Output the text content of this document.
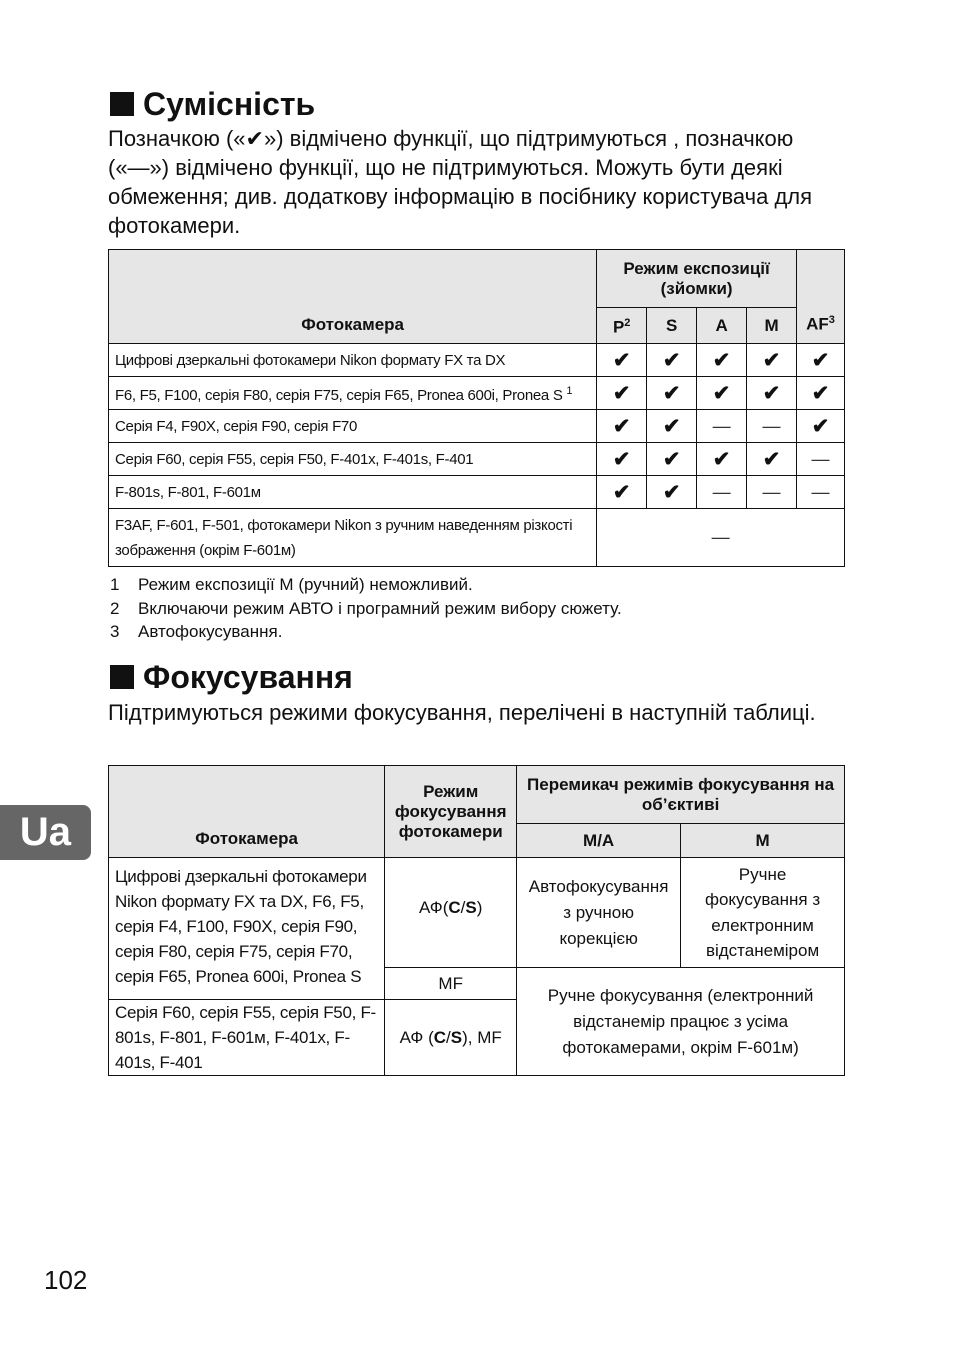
Сумісність

Позначкою («✔») відмічено функції, що підтримуються , позначкою («—») відмічено функції, що не підтримуються. Можуть бути деякі обмеження; див. додаткову інформацію в посібнику користувача для фотокамери.

Фотокамера	Режим експозиції (зйомки)				$AF^3$
	$P^2$	S	A	M	
Цифрові дзеркальні фотокамери Nikon формату FX та DX	✔	✔	✔	✔	✔
F6, F5, F100, серія F80, серія F75, серія F65, Pronea 600i, Pronea S $^1$	✔	✔	✔	✔	✔
Серія F4, F90X, серія F90, серія F70	✔	✔	—	—	✔
Серія F60, серія F55, серія F50, F-401x, F-401s, F-401	✔	✔	✔	✔	—
F-801s, F-801, F-601м	✔	✔	—	—	—
F3AF, F-601, F-501, фотокамери Nikon з ручним наведенням різкості зображення (окрім F-601м)	—				
1 Режим експозиції M (ручний) неможливий.
2 Включаючи режим АВТО і програмний режим вибору сюжету.
3 Автофокусування.
Фокусування

Підтримуються режими фокусування, перелічені в наступній таблиці.

Фотокамера	Режим фокусування фотокамери	Перемикач режимів фокусування на об’єктиві	
		M/A	M
Цифрові дзеркальні фотокамери Nikon формату FX та DX, F6, F5, серія F4, F100, F90X, серія F90, серія F80, серія F75, серія F70, серія F65, Pronea 600i, Pronea S	АФ(C/S)	Автофокусування з ручною корекцією	Ручне фокусування з електронним відстанеміром
	MF	Ручне фокусування (електронний відстанемір працює з усіма фотокамерами, окрім F-601м)	
Серія F60, серія F55, серія F50, F-801s, F-801, F-601м, F-401x, F-401s, F-401	АФ (C/S), MF		
Ua
102
